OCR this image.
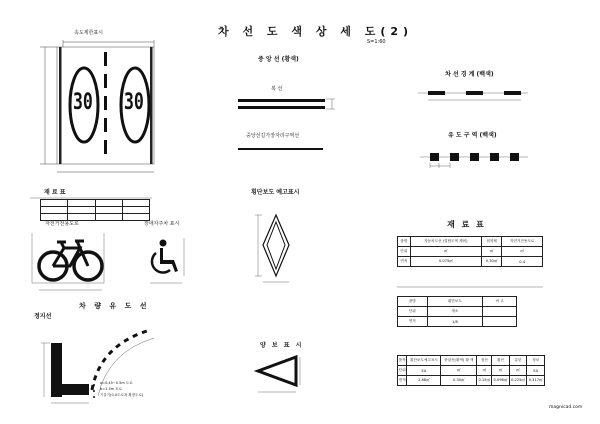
차 선 도 색 상 세 도(2)
S=1:60
속도제한표시
30 30
중 앙 선 (황색)
복 선
중앙선길가장자리구역선
차 선 경 계 (백색)
유 도 구 역 (백색)
횡단보도 예고표시
재 료 표

자전거전용도로	장애자주차 표시	재 료 표
품명	자동차도선 (결합도색 제외)	접착제	자전거전용도로
단위	㎡	㎡	㎡
면적	0.075㎡	0.30㎡	0.4
품명	횡단보도	비 고
단위	개소	
면적	1/8	
품목	횡단보도예고표시	중앙선(황색) 황 색	점선	횡선	유턴	정보
단위	EA	㎡	㎡	㎡	㎡	EA
면적	2.88㎡	0.30㎡	0.15㎡	0.096㎡	0.225㎡	0.317㎡
차 량 유 도 선
정지선
a=0.45~0.5m 도로
b=1.5m 도로
기울기(0.0도로폭 확장도로)
양 보 표 시
magnicad.com
